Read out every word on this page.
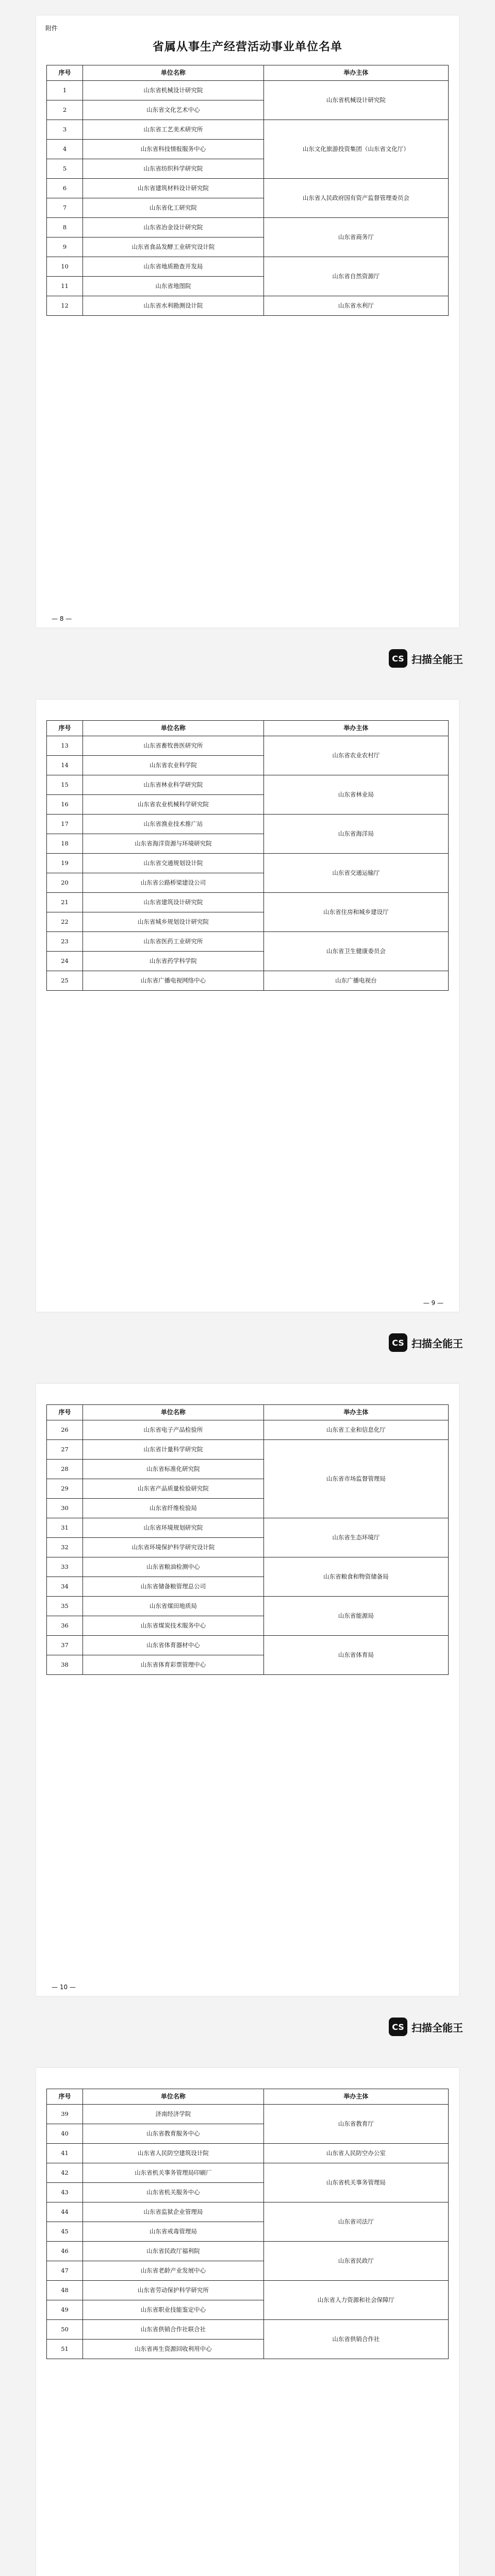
附件
省属从事生产经营活动事业单位名单
序号	单位名称	举办主体
1	山东省机械设计研究院	山东省机械设计研究院
2	山东省文化艺术中心	
3	山东省工艺美术研究所	山东文化旅游投资集团（山东省文化厅）
4	山东省科技情报服务中心	
5	山东省纺织科学研究院	
6	山东省建筑材料设计研究院	山东省人民政府国有资产监督管理委员会
7	山东省化工研究院	
8	山东省冶金设计研究院	山东省商务厅
9	山东省食品发酵工业研究设计院	
10	山东省地质勘查开发局	山东省自然资源厅
11	山东省地图院	
12	山东省水利勘测设计院	山东省水利厅
— 8 —
CS 扫描全能王
序号	单位名称	举办主体
13	山东省畜牧兽医研究所	山东省农业农村厅
14	山东省农业科学院	
15	山东省林业科学研究院	山东省林业局
16	山东省农业机械科学研究院	
17	山东省渔业技术推广站	山东省海洋局
18	山东省海洋资源与环境研究院	
19	山东省交通规划设计院	山东省交通运输厅
20	山东省公路桥梁建设公司	
21	山东省建筑设计研究院	山东省住房和城乡建设厅
22	山东省城乡规划设计研究院	
23	山东省医药工业研究所	山东省卫生健康委员会
24	山东省药学科学院	
25	山东省广播电视网络中心	山东广播电视台
— 9 —
CS 扫描全能王
序号	单位名称	举办主体
26	山东省电子产品检验所	山东省工业和信息化厅
27	山东省计量科学研究院	山东省市场监督管理局
28	山东省标准化研究院	
29	山东省产品质量检验研究院	
30	山东省纤维检验局	
31	山东省环境规划研究院	山东省生态环境厅
32	山东省环境保护科学研究设计院	
33	山东省粮油检测中心	山东省粮食和物资储备局
34	山东省储备粮管理总公司	
35	山东省煤田地质局	山东省能源局
36	山东省煤炭技术服务中心	
37	山东省体育器材中心	山东省体育局
38	山东省体育彩票管理中心	
— 10 —
CS 扫描全能王
序号	单位名称	举办主体
39	济南经济学院	山东省教育厅
40	山东省教育服务中心	
41	山东省人民防空建筑设计院	山东省人民防空办公室
42	山东省机关事务管理局印刷厂	山东省机关事务管理局
43	山东省机关服务中心	
44	山东省监狱企业管理局	山东省司法厅
45	山东省戒毒管理局	
46	山东省民政厅福利院	山东省民政厅
47	山东省老龄产业发展中心	
48	山东省劳动保护科学研究所	山东省人力资源和社会保障厅
49	山东省职业技能鉴定中心	
50	山东省供销合作社联合社	山东省供销合作社
51	山东省再生资源回收利用中心	
